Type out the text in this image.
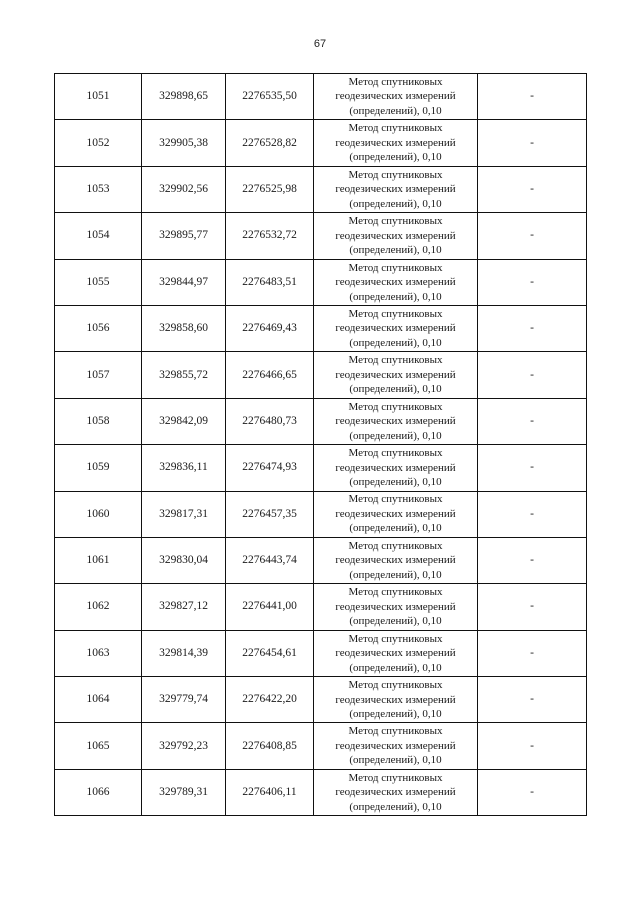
67
1051	329898,65	2276535,50	Метод спутниковых
геодезических измерений
(определений), 0,10	-
1052	329905,38	2276528,82	Метод спутниковых
геодезических измерений
(определений), 0,10	-
1053	329902,56	2276525,98	Метод спутниковых
геодезических измерений
(определений), 0,10	-
1054	329895,77	2276532,72	Метод спутниковых
геодезических измерений
(определений), 0,10	-
1055	329844,97	2276483,51	Метод спутниковых
геодезических измерений
(определений), 0,10	-
1056	329858,60	2276469,43	Метод спутниковых
геодезических измерений
(определений), 0,10	-
1057	329855,72	2276466,65	Метод спутниковых
геодезических измерений
(определений), 0,10	-
1058	329842,09	2276480,73	Метод спутниковых
геодезических измерений
(определений), 0,10	-
1059	329836,11	2276474,93	Метод спутниковых
геодезических измерений
(определений), 0,10	-
1060	329817,31	2276457,35	Метод спутниковых
геодезических измерений
(определений), 0,10	-
1061	329830,04	2276443,74	Метод спутниковых
геодезических измерений
(определений), 0,10	-
1062	329827,12	2276441,00	Метод спутниковых
геодезических измерений
(определений), 0,10	-
1063	329814,39	2276454,61	Метод спутниковых
геодезических измерений
(определений), 0,10	-
1064	329779,74	2276422,20	Метод спутниковых
геодезических измерений
(определений), 0,10	-
1065	329792,23	2276408,85	Метод спутниковых
геодезических измерений
(определений), 0,10	-
1066	329789,31	2276406,11	Метод спутниковых
геодезических измерений
(определений), 0,10	-
